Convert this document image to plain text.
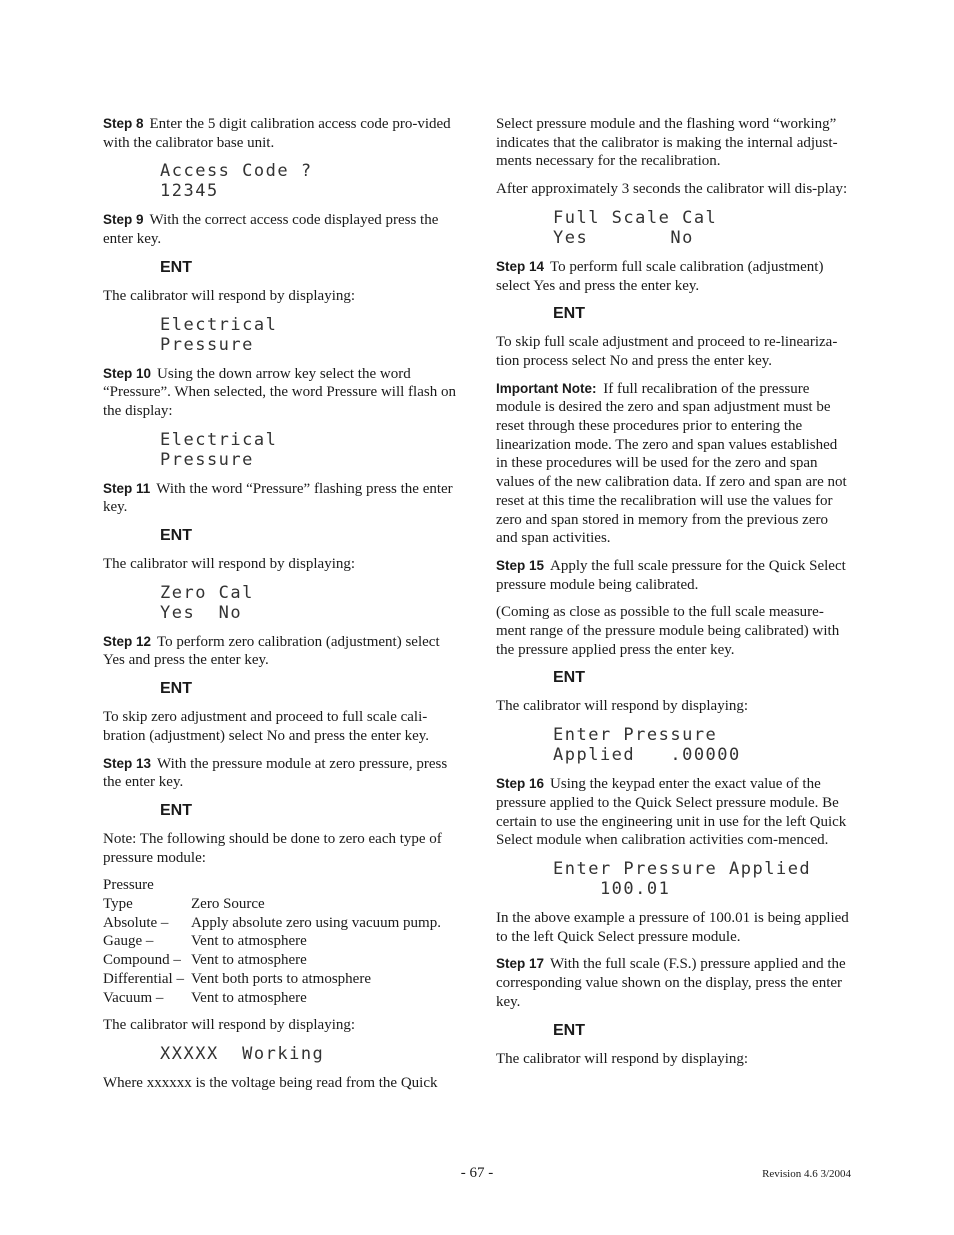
Step 8 Enter the 5 digit calibration access code pro-vided with the calibrator base unit.

Access Code ?
12345

Step 9 With the correct access code displayed press the enter key.

ENT

The calibrator will respond by displaying:

Electrical
Pressure

Step 10 Using the down arrow key select the word “Pressure”. When selected, the word Pressure will flash on the display:

Electrical
Pressure

Step 11 With the word “Pressure” flashing press the enter key.

ENT

The calibrator will respond by displaying:

Zero Cal
Yes  No

Step 12 To perform zero calibration (adjustment) select Yes and press the enter key.

ENT

To skip zero adjustment and proceed to full scale cali-bration (adjustment) select No and press the enter key.

Step 13 With the pressure module at zero pressure, press the enter key.

ENT

Note: The following should be done to zero each type of pressure module:

Pressure
Type	Zero Source
Absolute –	Apply absolute zero using vacuum pump.
Gauge –	Vent to atmosphere
Compound – Vent to atmosphere
Differential – Vent both ports to atmosphere
Vacuum –	Vent to atmosphere

The calibrator will respond by displaying:

XXXXX  Working

Where xxxxxx is the voltage being read from the Quick

Select pressure module and the flashing word “working” indicates that the calibrator is making the internal adjust-ments necessary for the recalibration.

After approximately 3 seconds the calibrator will dis-play:

Full Scale Cal
Yes       No

Step 14 To perform full scale calibration (adjustment) select Yes and press the enter key.

ENT

To skip full scale adjustment and proceed to re-lineariza-tion process select No and press the enter key.

Important Note: If full recalibration of the pressure module is desired the zero and span adjustment must be reset through these procedures prior to entering the linearization mode. The zero and span values established in these procedures will be used for the zero and span values of the new calibration data. If zero and span are not reset at this time the recalibration will use the values for zero and span stored in memory from the previous zero and span activities.

Step 15 Apply the full scale pressure for the Quick Select pressure module being calibrated.

(Coming as close as possible to the full scale measure-ment range of the pressure module being calibrated) with the pressure applied press the enter key.

ENT

The calibrator will respond by displaying:

Enter Pressure
Applied   .00000

Step 16 Using the keypad enter the exact value of the pressure applied to the Quick Select pressure module. Be certain to use the engineering unit in use for the left Quick Select module when calibration activities com-menced.

Enter Pressure Applied
100.01

In the above example a pressure of 100.01 is being applied to the left Quick Select pressure module.

Step 17 With the full scale (F.S.) pressure applied and the corresponding value shown on the display, press the enter key.

ENT

The calibrator will respond by displaying:

- 67 -	Revision 4.6 3/2004
